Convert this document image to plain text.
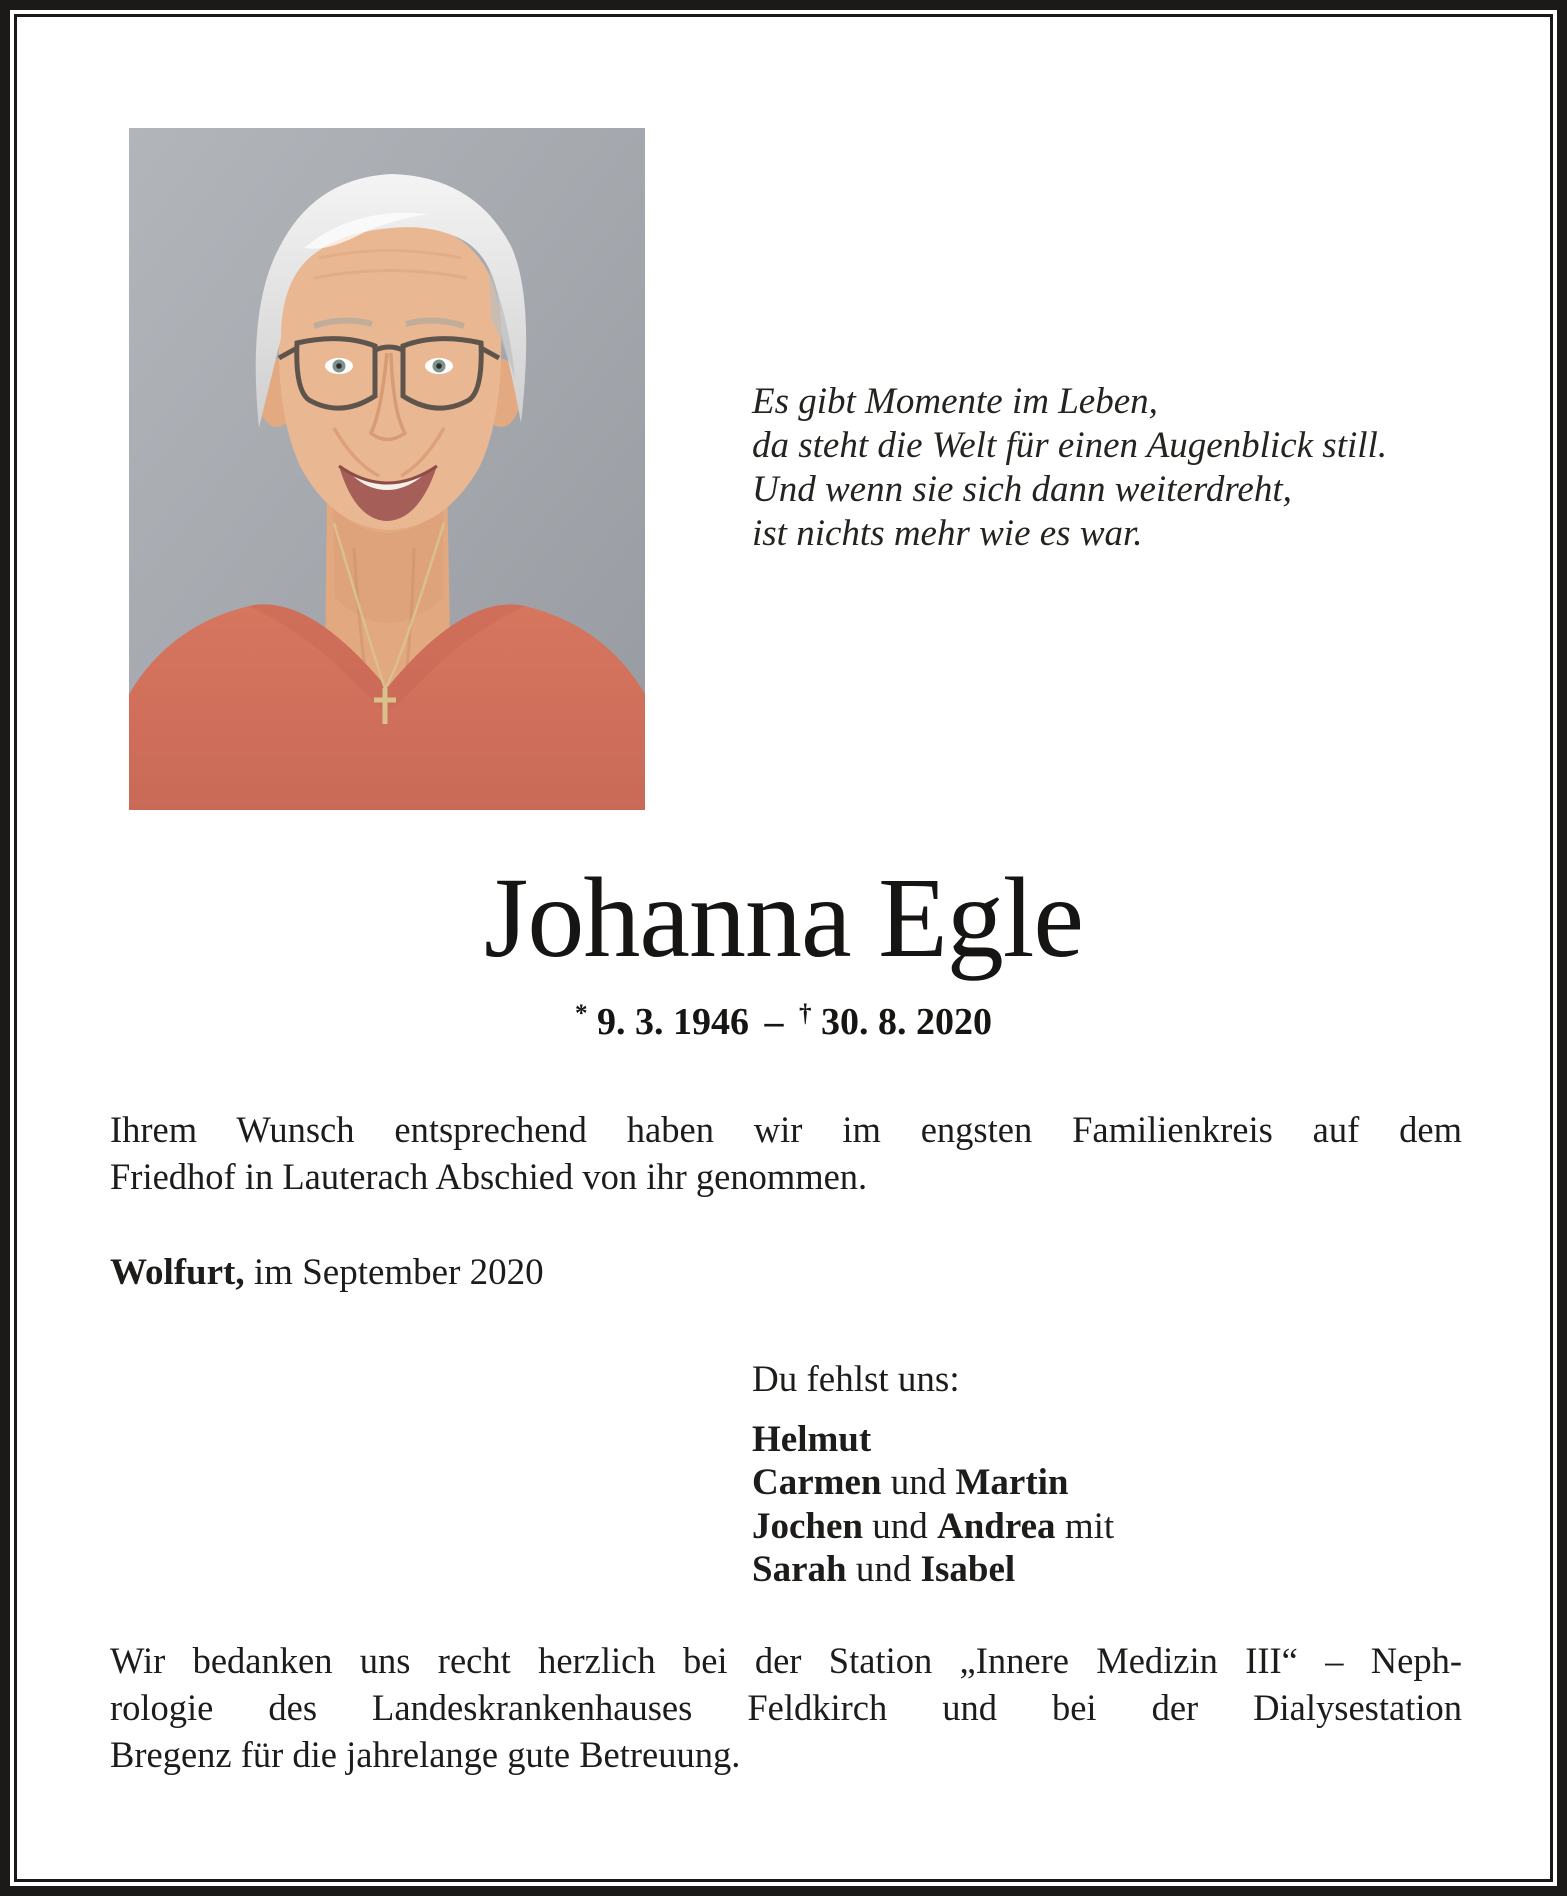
Es gibt Momente im Leben,
da steht die Welt für einen Augenblick still.
Und wenn sie sich dann weiterdreht,
ist nichts mehr wie es war.
Johanna Egle
* 9. 3. 1946 – † 30. 8. 2020
Ihrem Wunsch entsprechend haben wir im engsten Familienkreis auf dem
Friedhof in Lauterach Abschied von ihr genommen.
Wolfurt, im September 2020
Du fehlst uns:
Helmut
Carmen und Martin
Jochen und Andrea mit
Sarah und Isabel
Wir bedanken uns recht herzlich bei der Station „Innere Medizin III“ – Neph-
rologie des Landeskrankenhauses Feldkirch und bei der Dialysestation
Bregenz für die jahrelange gute Betreuung.
